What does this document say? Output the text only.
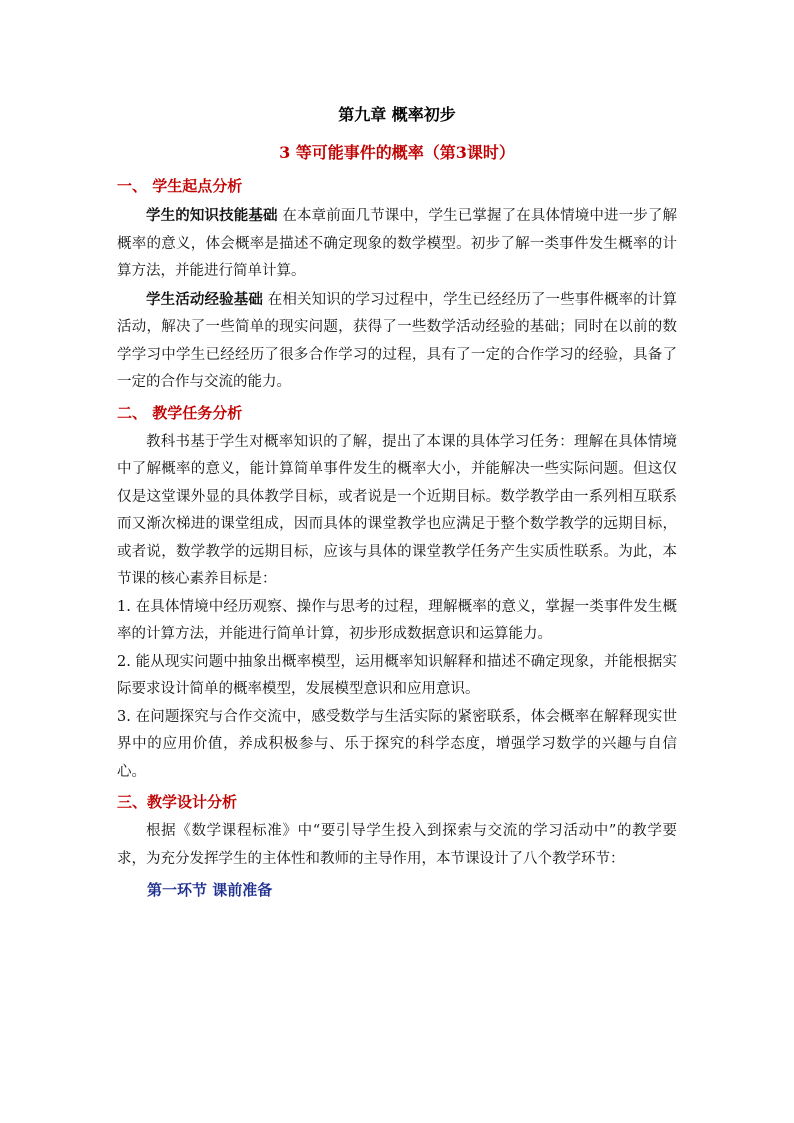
第九章 概率初步
3 等可能事件的概率（第3课时）
一、 学生起点分析

学生的知识技能基础 在本章前面几节课中，学生已掌握了在具体情境中进一步了解概率的意义，体会概率是描述不确定现象的数学模型。初步了解一类事件发生概率的计算方法，并能进行简单计算。

学生活动经验基础 在相关知识的学习过程中，学生已经经历了一些事件概率的计算活动，解决了一些简单的现实问题，获得了一些数学活动经验的基础；同时在以前的数学学习中学生已经经历了很多合作学习的过程，具有了一定的合作学习的经验，具备了一定的合作与交流的能力。

二、 教学任务分析

教科书基于学生对概率知识的了解，提出了本课的具体学习任务：理解在具体情境中了解概率的意义，能计算简单事件发生的概率大小，并能解决一些实际问题。但这仅仅是这堂课外显的具体教学目标，或者说是一个近期目标。数学教学由一系列相互联系而又渐次梯进的课堂组成，因而具体的课堂教学也应满足于整个数学教学的远期目标，或者说，数学教学的远期目标，应该与具体的课堂教学任务产生实质性联系。为此，本节课的核心素养目标是：

1. 在具体情境中经历观察、操作与思考的过程，理解概率的意义，掌握一类事件发生概率的计算方法，并能进行简单计算，初步形成数据意识和运算能力。

2. 能从现实问题中抽象出概率模型，运用概率知识解释和描述不确定现象，并能根据实际要求设计简单的概率模型，发展模型意识和应用意识。

3. 在问题探究与合作交流中，感受数学与生活实际的紧密联系，体会概率在解释现实世界中的应用价值，养成积极参与、乐于探究的科学态度，增强学习数学的兴趣与自信心。

三、教学设计分析

根据《数学课程标准》中“要引导学生投入到探索与交流的学习活动中”的教学要求，为充分发挥学生的主体性和教师的主导作用，本节课设计了八个教学环节：

第一环节 课前准备
